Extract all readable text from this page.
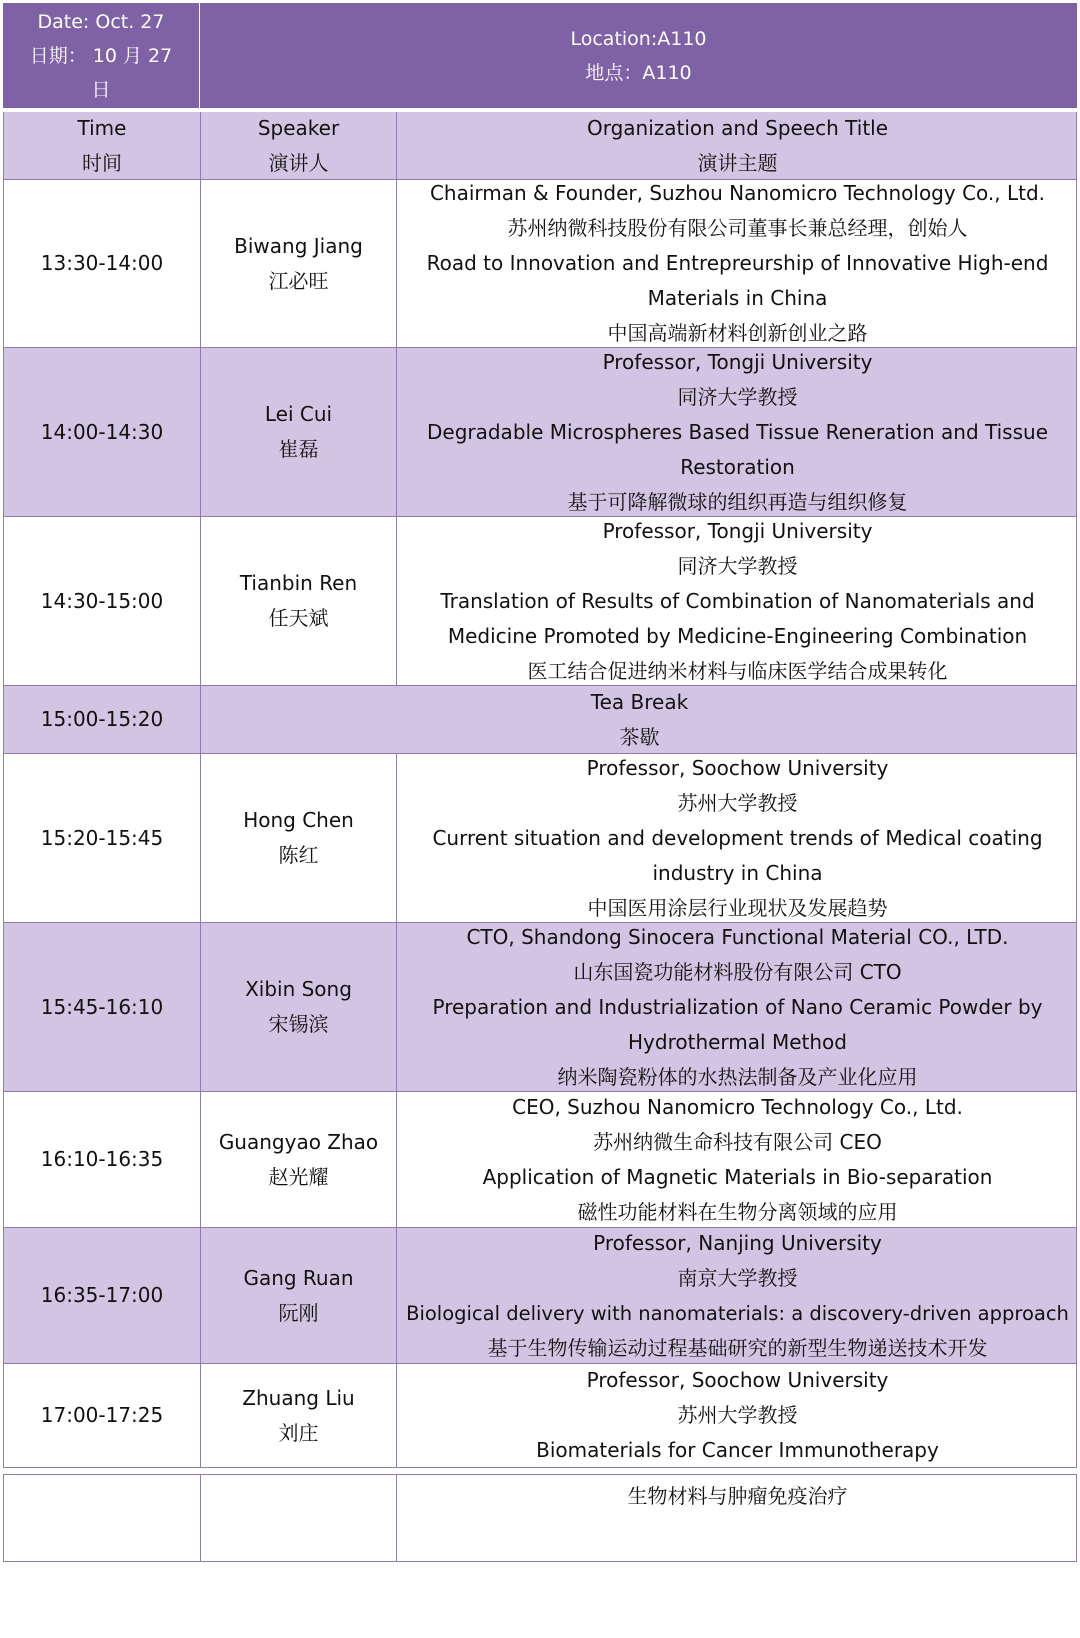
Date: Oct. 27
日期： 10 月 27
日
Location:A110
地点：A110
Time
时间
Speaker
演讲人
Organization and Speech Title
演讲主题
13:30-14:00
Biwang Jiang
江必旺
Chairman & Founder, Suzhou Nanomicro Technology Co., Ltd.
苏州纳微科技股份有限公司董事长兼总经理，创始人
Road to Innovation and Entrepreurship of Innovative High-end
Materials in China
中国高端新材料创新创业之路
14:00-14:30
Lei Cui
崔磊
Professor, Tongji University
同济大学教授
Degradable Microspheres Based Tissue Reneration and Tissue
Restoration
基于可降解微球的组织再造与组织修复
14:30-15:00
Tianbin Ren
任天斌
Professor, Tongji University
同济大学教授
Translation of Results of Combination of Nanomaterials and
Medicine Promoted by Medicine-Engineering Combination
医工结合促进纳米材料与临床医学结合成果转化
15:00-15:20
Tea Break
茶歇
15:20-15:45
Hong Chen
陈红
Professor, Soochow University
苏州大学教授
Current situation and development trends of Medical coating
industry in China
中国医用涂层行业现状及发展趋势
15:45-16:10
Xibin Song
宋锡滨
CTO, Shandong Sinocera Functional Material CO., LTD.
山东国瓷功能材料股份有限公司 CTO
Preparation and Industrialization of Nano Ceramic Powder by
Hydrothermal Method
纳米陶瓷粉体的水热法制备及产业化应用
16:10-16:35
Guangyao Zhao
赵光耀
CEO, Suzhou Nanomicro Technology Co., Ltd.
苏州纳微生命科技有限公司 CEO
Application of Magnetic Materials in Bio-separation
磁性功能材料在生物分离领域的应用
16:35-17:00
Gang Ruan
阮刚
Professor, Nanjing University
南京大学教授
Biological delivery with nanomaterials: a discovery-driven approach
基于生物传输运动过程基础研究的新型生物递送技术开发
17:00-17:25
Zhuang Liu
刘庄
Professor, Soochow University
苏州大学教授
Biomaterials for Cancer Immunotherapy
生物材料与肿瘤免疫治疗
